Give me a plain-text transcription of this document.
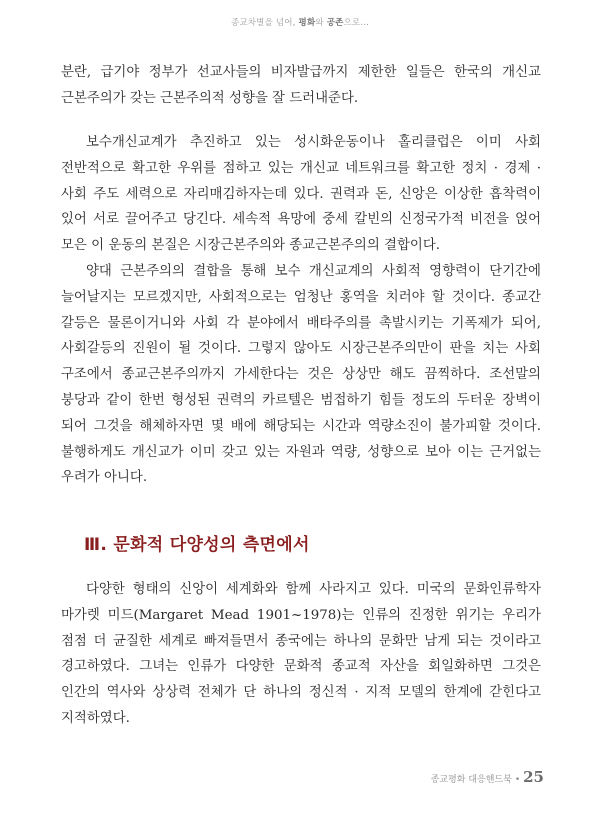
종교차별을 넘어, 평화와 공존으로...

분란, 급기야 정부가 선교사들의 비자발급까지 제한한 일들은 한국의 개신교 근본주의가 갖는 근본주의적 성향을 잘 드러내준다.

보수개신교계가 추진하고 있는 성시화운동이나 홀리클럽은 이미 사회 전반적으로 확고한 우위를 점하고 있는 개신교 네트워크를 확고한 정치 · 경제 · 사회 주도 세력으로 자리매김하자는데 있다. 권력과 돈, 신앙은 이상한 흡착력이 있어 서로 끌어주고 당긴다. 세속적 욕망에 중세 칼빈의 신정국가적 비전을 얹어 모은 이 운동의 본질은 시장근본주의와 종교근본주의의 결합이다.

양대 근본주의의 결합을 통해 보수 개신교계의 사회적 영향력이 단기간에 늘어날지는 모르겠지만, 사회적으로는 엄청난 홍역을 치러야 할 것이다. 종교간 갈등은 물론이거니와 사회 각 분야에서 배타주의를 촉발시키는 기폭제가 되어, 사회갈등의 진원이 될 것이다. 그렇지 않아도 시장근본주의만이 판을 치는 사회 구조에서 종교근본주의까지 가세한다는 것은 상상만 해도 끔찍하다. 조선말의 붕당과 같이 한번 형성된 권력의 카르텔은 범접하기 힘들 정도의 두터운 장벽이 되어 그것을 해체하자면 몇 배에 해당되는 시간과 역량소진이 불가피할 것이다. 불행하게도 개신교가 이미 갖고 있는 자원과 역량, 성향으로 보아 이는 근거없는 우려가 아니다.

Ⅲ. 문화적 다양성의 측면에서

다양한 형태의 신앙이 세계화와 함께 사라지고 있다. 미국의 문화인류학자 마가렛 미드(Margaret Mead 1901~1978)는 인류의 진정한 위기는 우리가 점점 더 균질한 세계로 빠져들면서 종국에는 하나의 문화만 남게 되는 것이라고 경고하였다. 그녀는 인류가 다양한 문화적 종교적 자산을 회일화하면 그것은 인간의 역사와 상상력 전체가 단 하나의 정신적 · 지적 모델의 한계에 갇힌다고 지적하였다.

종교평화 대응핸드북 • 25
